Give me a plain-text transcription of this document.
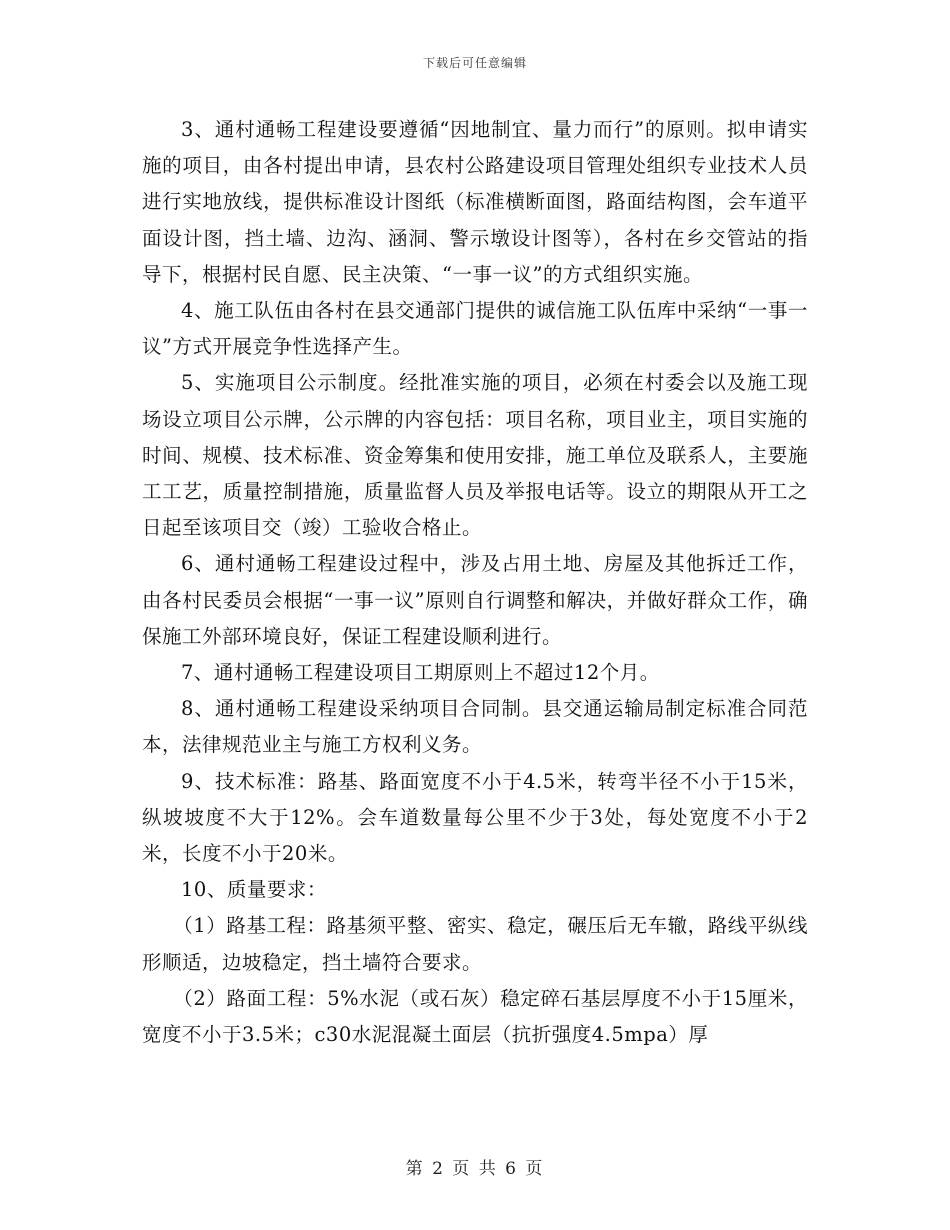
下载后可任意编辑

3、通村通畅工程建设要遵循“因地制宜、量力而行”的原则。拟申请实施的项目，由各村提出申请，县农村公路建设项目管理处组织专业技术人员进行实地放线，提供标准设计图纸（标准横断面图，路面结构图，会车道平面设计图，挡土墙、边沟、涵洞、警示墩设计图等），各村在乡交管站的指导下，根据村民自愿、民主决策、“一事一议”的方式组织实施。

4、施工队伍由各村在县交通部门提供的诚信施工队伍库中采纳“一事一议”方式开展竞争性选择产生。

5、实施项目公示制度。经批准实施的项目，必须在村委会以及施工现场设立项目公示牌，公示牌的内容包括：项目名称，项目业主，项目实施的时间、规模、技术标准、资金筹集和使用安排，施工单位及联系人，主要施工工艺，质量控制措施，质量监督人员及举报电话等。设立的期限从开工之日起至该项目交（竣）工验收合格止。

6、通村通畅工程建设过程中，涉及占用土地、房屋及其他拆迁工作，由各村民委员会根据“一事一议”原则自行调整和解决，并做好群众工作，确保施工外部环境良好，保证工程建设顺利进行。

7、通村通畅工程建设项目工期原则上不超过12个月。

8、通村通畅工程建设采纳项目合同制。县交通运输局制定标准合同范本，法律规范业主与施工方权利义务。

9、技术标准：路基、路面宽度不小于4.5米，转弯半径不小于15米，纵坡坡度不大于12%。会车道数量每公里不少于3处，每处宽度不小于2米，长度不小于20米。

10、质量要求：

（1）路基工程：路基须平整、密实、稳定，碾压后无车辙，路线平纵线形顺适，边坡稳定，挡土墙符合要求。

（2）路面工程：5%水泥（或石灰）稳定碎石基层厚度不小于15厘米，宽度不小于3.5米；c30水泥混凝土面层（抗折强度4.5mpa）厚

第 2 页 共 6 页
